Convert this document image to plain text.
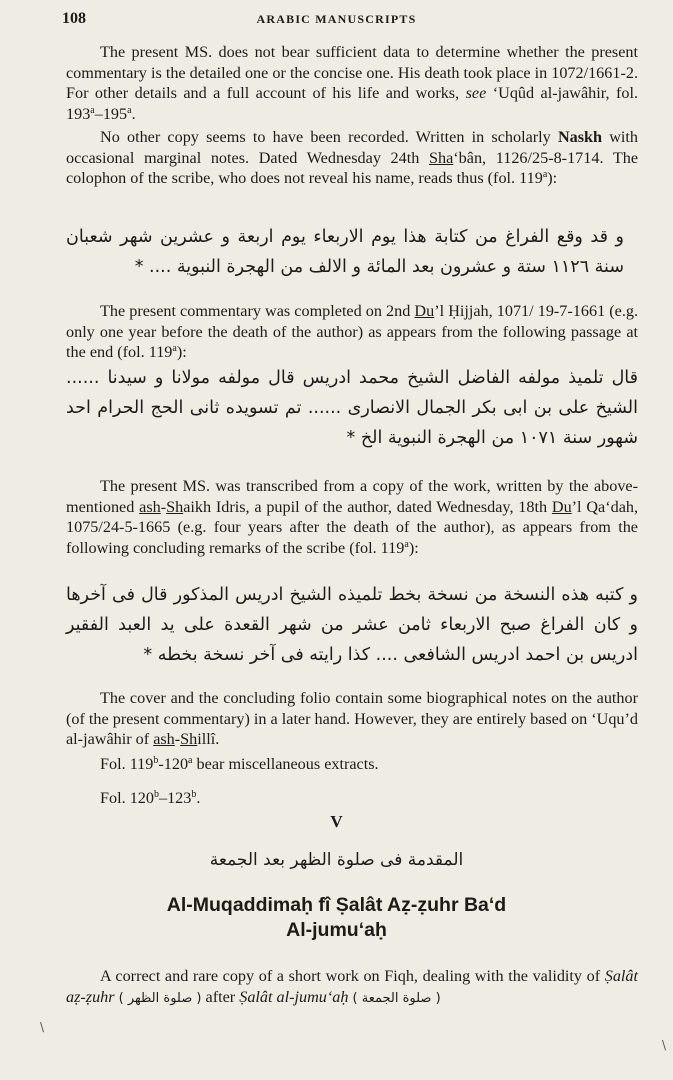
108	ARABIC MANUSCRIPTS

The present MS. does not bear sufficient data to determine whether the present commentary is the detailed one or the concise one. His death took place in 1072/1661-2. For other details and a full account of his life and works, see ‘Uqûd al-jawâhir, fol. 193$^a$–195$^a$.

No other copy seems to have been recorded. Written in scholarly Naskh with occasional marginal notes. Dated Wednesday 24th Sha‘bân, 1126/25-8-1714. The colophon of the scribe, who does not reveal his name, reads thus (fol. 119$^a$):

و قد وقع الفراغ من كتابة هذا يوم الاربعاء يوم اربعة و عشرين شهر شعبان سنة ١١٢٦ ستة و عشرون بعد المائة و الالف من الهجرة النبوية .... *

The present commentary was completed on 2nd Du’l Ḥijjah, 1071/ 19-7-1661 (e.g. only one year before the death of the author) as appears from the following passage at the end (fol. 119$^a$):

قال تلميذ مولفه الفاضل الشيخ محمد ادريس قال مولفه مولانا و سيدنا ...... الشيخ علی بن ابی بکر الجمال الانصاری ...... تم تسويده ثانی الحج الحرام احد شهور سنة ١٠٧١ من الهجرة النبوية الخ *

The present MS. was transcribed from a copy of the work, written by the above-mentioned ash-Shaikh Idris, a pupil of the author, dated Wednesday, 18th Du’l Qa‘dah, 1075/24-5-1665 (e.g. four years after the death of the author), as appears from the following concluding remarks of the scribe (fol. 119$^a$):

و کتبه هذه النسخة من نسخة بخط تلميذه الشيخ ادريس المذکور قال فی آخرها و کان الفراغ صبح الاربعاء ثامن عشر من شهر القعدة علی يد العبد الفقير ادريس بن احمد ادريس الشافعی .... کذا رايته فی آخر نسخة بخطه *

The cover and the concluding folio contain some biographical notes on the author (of the present commentary) in a later hand. However, they are entirely based on ‘Uqu’d al-jawâhir of ash-Shillî.

Fol. 119$^b$-120$^a$ bear miscellaneous extracts.

Fol. 120$^b$–123$^b$.

V
المقدمة فی صلوة الظهر بعد الجمعة
Al-Muqaddimaḥ fî Ṣalât Aẓ-ẓuhr Ba‘d
Al-jumu‘aḥ

A correct and rare copy of a short work on Fiqh, dealing with the validity of Ṣalât aẓ-ẓuhr ( صلوة الظهر ) after Ṣalât al-jumu‘aḥ ( صلوة الجمعة )

\
\
